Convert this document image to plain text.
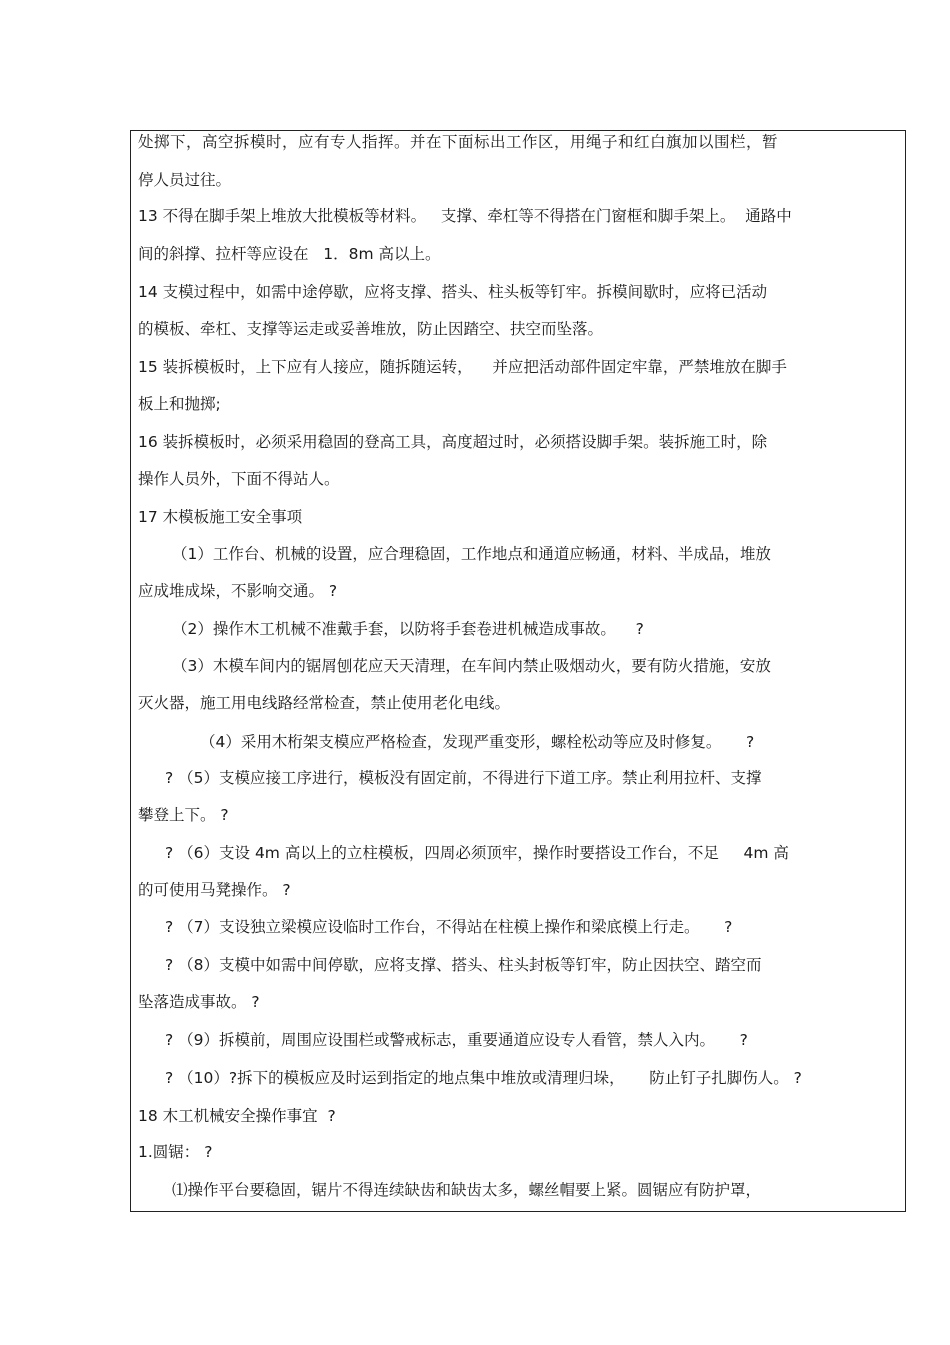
处掷下，高空拆模时，应有专人指挥。并在下面标出工作区，用绳子和红白旗加以围栏，暂
停人员过往。
13 不得在脚手架上堆放大批模板等材料。   支撑、牵杠等不得搭在门窗框和脚手架上。  通路中
间的斜撑、拉杆等应设在   1．8m 高以上。
14 支模过程中，如需中途停歇，应将支撑、搭头、柱头板等钉牢。拆模间歇时，应将已活动
的模板、牵杠、支撑等运走或妥善堆放，防止因踏空、扶空而坠落。
15 装拆模板时，上下应有人接应，随拆随运转，    并应把活动部件固定牢靠，严禁堆放在脚手
板上和抛掷;
16 装拆模板时，必须采用稳固的登高工具，高度超过时，必须搭设脚手架。装拆施工时，除
操作人员外，下面不得站人。
17 木模板施工安全事项
（1）工作台、机械的设置，应合理稳固，工作地点和通道应畅通，材料、半成品，堆放
应成堆成垛，不影响交通。 ?
（2）操作木工机械不准戴手套，以防将手套卷进机械造成事故。    ?
（3）木模车间内的锯屑刨花应天天清理，在车间内禁止吸烟动火，要有防火措施，安放
灭火器，施工用电线路经常检查，禁止使用老化电线。
（4）采用木桁架支模应严格检查，发现严重变形，螺栓松动等应及时修复。     ?
? （5）支模应接工序进行，模板没有固定前，不得进行下道工序。禁止利用拉杆、支撑
攀登上下。 ?
? （6）支设 4m 高以上的立柱模板，四周必须顶牢，操作时要搭设工作台，不足     4m 高
的可使用马凳操作。 ?
? （7）支设独立梁模应设临时工作台，不得站在柱模上操作和梁底模上行走。     ?
? （8）支模中如需中间停歇，应将支撑、搭头、柱头封板等钉牢，防止因扶空、踏空而
坠落造成事故。 ?
? （9）拆模前，周围应设围栏或警戒标志，重要通道应设专人看管，禁人入内。     ?
? （10）?拆下的模板应及时运到指定的地点集中堆放或清理归垛，     防止钉子扎脚伤人。 ?
18 木工机械安全操作事宜  ?
1.圆锯： ?
⑴操作平台要稳固，锯片不得连续缺齿和缺齿太多，螺丝帽要上紧。圆锯应有防护罩，
